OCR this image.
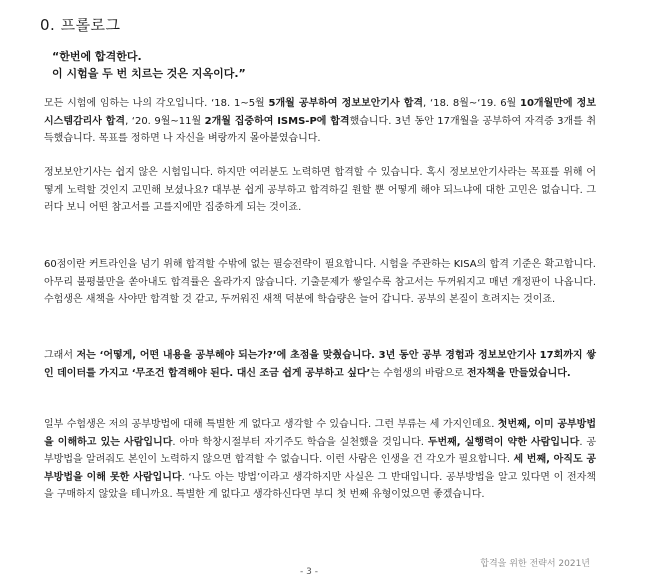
0. 프롤로그
“한번에 합격한다.
이 시험을 두 번 치르는 것은 지옥이다.”
모든 시험에 임하는 나의 각오입니다. ‘18. 1~5월 5개월 공부하여 정보보안기사 합격, ‘18. 8월~‘19. 6월 10개월만에 정보시스템감리사 합격, ‘20. 9월~11월 2개월 집중하여 ISMS-P에 합격했습니다. 3년 동안 17개월을 공부하여 자격증 3개를 취득했습니다. 목표를 정하면 나 자신을 벼랑까지 몰아붙였습니다.
정보보안기사는 쉽지 않은 시험입니다. 하지만 여러분도 노력하면 합격할 수 있습니다. 혹시 정보보안기사라는 목표를 위해 어떻게 노력할 것인지 고민해 보셨나요? 대부분 쉽게 공부하고 합격하길 원할 뿐 어떻게 해야 되느냐에 대한 고민은 없습니다. 그러다 보니 어떤 참고서를 고를지에만 집중하게 되는 것이죠.
60점이란 커트라인을 넘기 위해 합격할 수밖에 없는 필승전략이 필요합니다. 시험을 주관하는 KISA의 합격 기준은 확고합니다. 아무리 불평불만을 쏟아내도 합격률은 올라가지 않습니다. 기출문제가 쌓일수록 참고서는 두꺼워지고 매년 개정판이 나옵니다. 수험생은 새책을 사야만 합격할 것 같고, 두꺼워진 새책 덕분에 학습량은 늘어 갑니다. 공부의 본질이 흐려지는 것이죠.
그래서 저는 ‘어떻게, 어떤 내용을 공부해야 되는가?’에 초점을 맞췄습니다. 3년 동안 공부 경험과 정보보안기사 17회까지 쌓인 데이터를 가지고 ‘무조건 합격해야 된다. 대신 조금 쉽게 공부하고 싶다’는 수험생의 바람으로 전자책을 만들었습니다.
일부 수험생은 저의 공부방법에 대해 특별한 게 없다고 생각할 수 있습니다. 그런 부류는 세 가지인데요. 첫번째, 이미 공부방법을 이해하고 있는 사람입니다. 아마 학창시절부터 자기주도 학습을 실천했을 것입니다. 두번째, 실행력이 약한 사람입니다. 공부방법을 알려줘도 본인이 노력하지 않으면 합격할 수 없습니다. 이런 사람은 인생을 건 각오가 필요합니다. 세 번째, 아직도 공부방법을 이해 못한 사람입니다. ‘나도 아는 방법’이라고 생각하지만 사실은 그 반대입니다. 공부방법을 알고 있다면 이 전자책을 구매하지 않았을 테니까요. 특별한 게 없다고 생각하신다면 부디 첫 번째 유형이었으면 좋겠습니다.
합격을 위한 전략서 2021년
- 3 -
